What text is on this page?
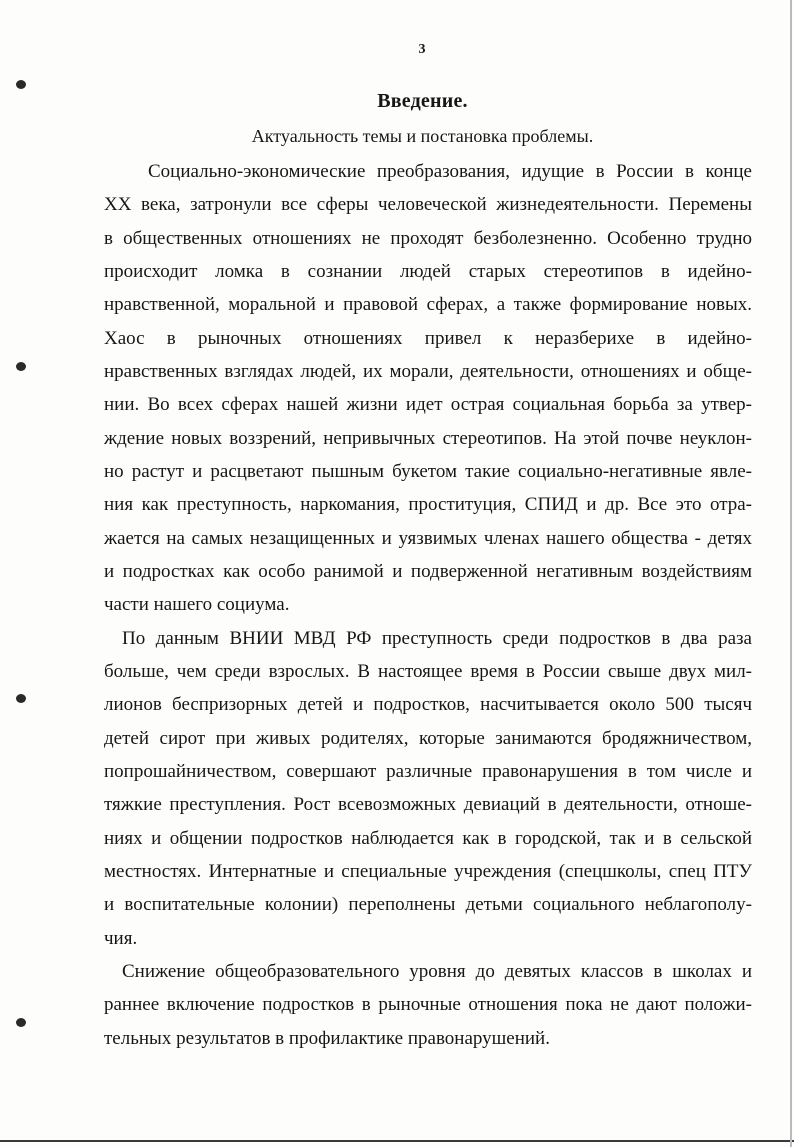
3
Введение.
Актуальность темы и постановка проблемы.
Социально-экономические преобразования, идущие в России в конце
XX века, затронули все сферы человеческой жизнедеятельности. Перемены
в общественных отношениях не проходят безболезненно. Особенно трудно
происходит ломка в сознании людей старых стереотипов в идейно-
нравственной, моральной и правовой сферах, а также формирование новых.
Хаос в рыночных отношениях привел к неразберихе в идейно-
нравственных взглядах людей, их морали, деятельности, отношениях и обще-
нии. Во всех сферах нашей жизни идет острая социальная борьба за утвер-
ждение новых воззрений, непривычных стереотипов. На этой почве неуклон-
но растут и расцветают пышным букетом такие социально-негативные явле-
ния как преступность, наркомания, проституция, СПИД и др. Все это отра-
жается на самых незащищенных и уязвимых членах нашего общества - детях
и подростках как особо ранимой и подверженной негативным воздействиям
части нашего социума.
По данным ВНИИ МВД РФ преступность среди подростков в два раза
больше, чем среди взрослых. В настоящее время в России свыше двух мил-
лионов беспризорных детей и подростков, насчитывается около 500 тысяч
детей сирот при живых родителях, которые занимаются бродяжничеством,
попрошайничеством, совершают различные правонарушения в том числе и
тяжкие преступления. Рост всевозможных девиаций в деятельности, отноше-
ниях и общении подростков наблюдается как в городской, так и в сельской
местностях. Интернатные и специальные учреждения (спецшколы, спец ПТУ
и воспитательные колонии) переполнены детьми социального неблагополу-
чия.
Снижение общеобразовательного уровня до девятых классов в школах и
раннее включение подростков в рыночные отношения пока не дают положи-
тельных результатов в профилактике правонарушений.
